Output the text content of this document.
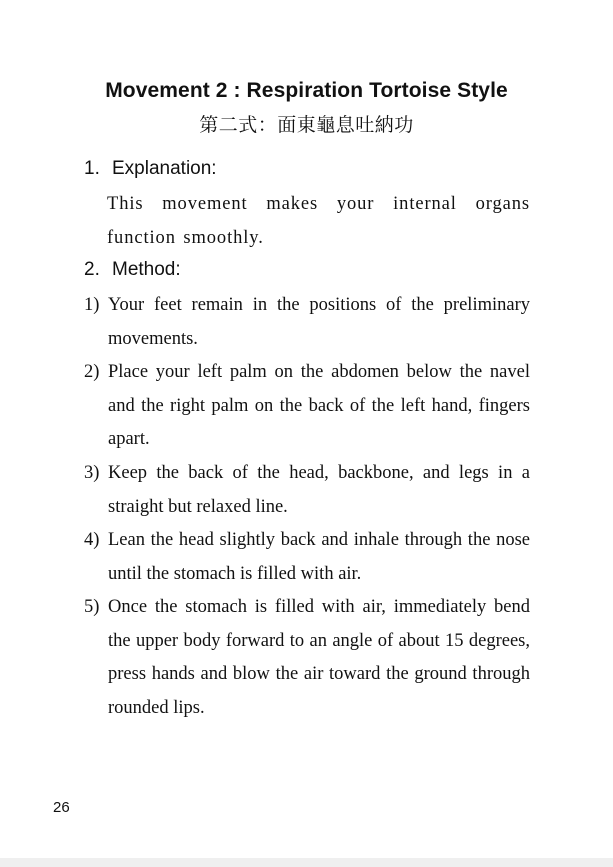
Movement 2 : Respiration Tortoise Style
第二式：面東龜息吐納功
1. Explanation:
This movement makes your internal organs function smoothly.
2. Method:
1) Your feet remain in the positions of the preliminary movements.
2) Place your left palm on the abdomen below the navel and the right palm on the back of the left hand, fingers apart.
3) Keep the back of the head, backbone, and legs in a straight but relaxed line.
4) Lean the head slightly back and inhale through the nose until the stomach is filled with air.
5) Once the stomach is filled with air, immediately bend the upper body forward to an angle of about 15 degrees, press hands and blow the air toward the ground through rounded lips.
26
